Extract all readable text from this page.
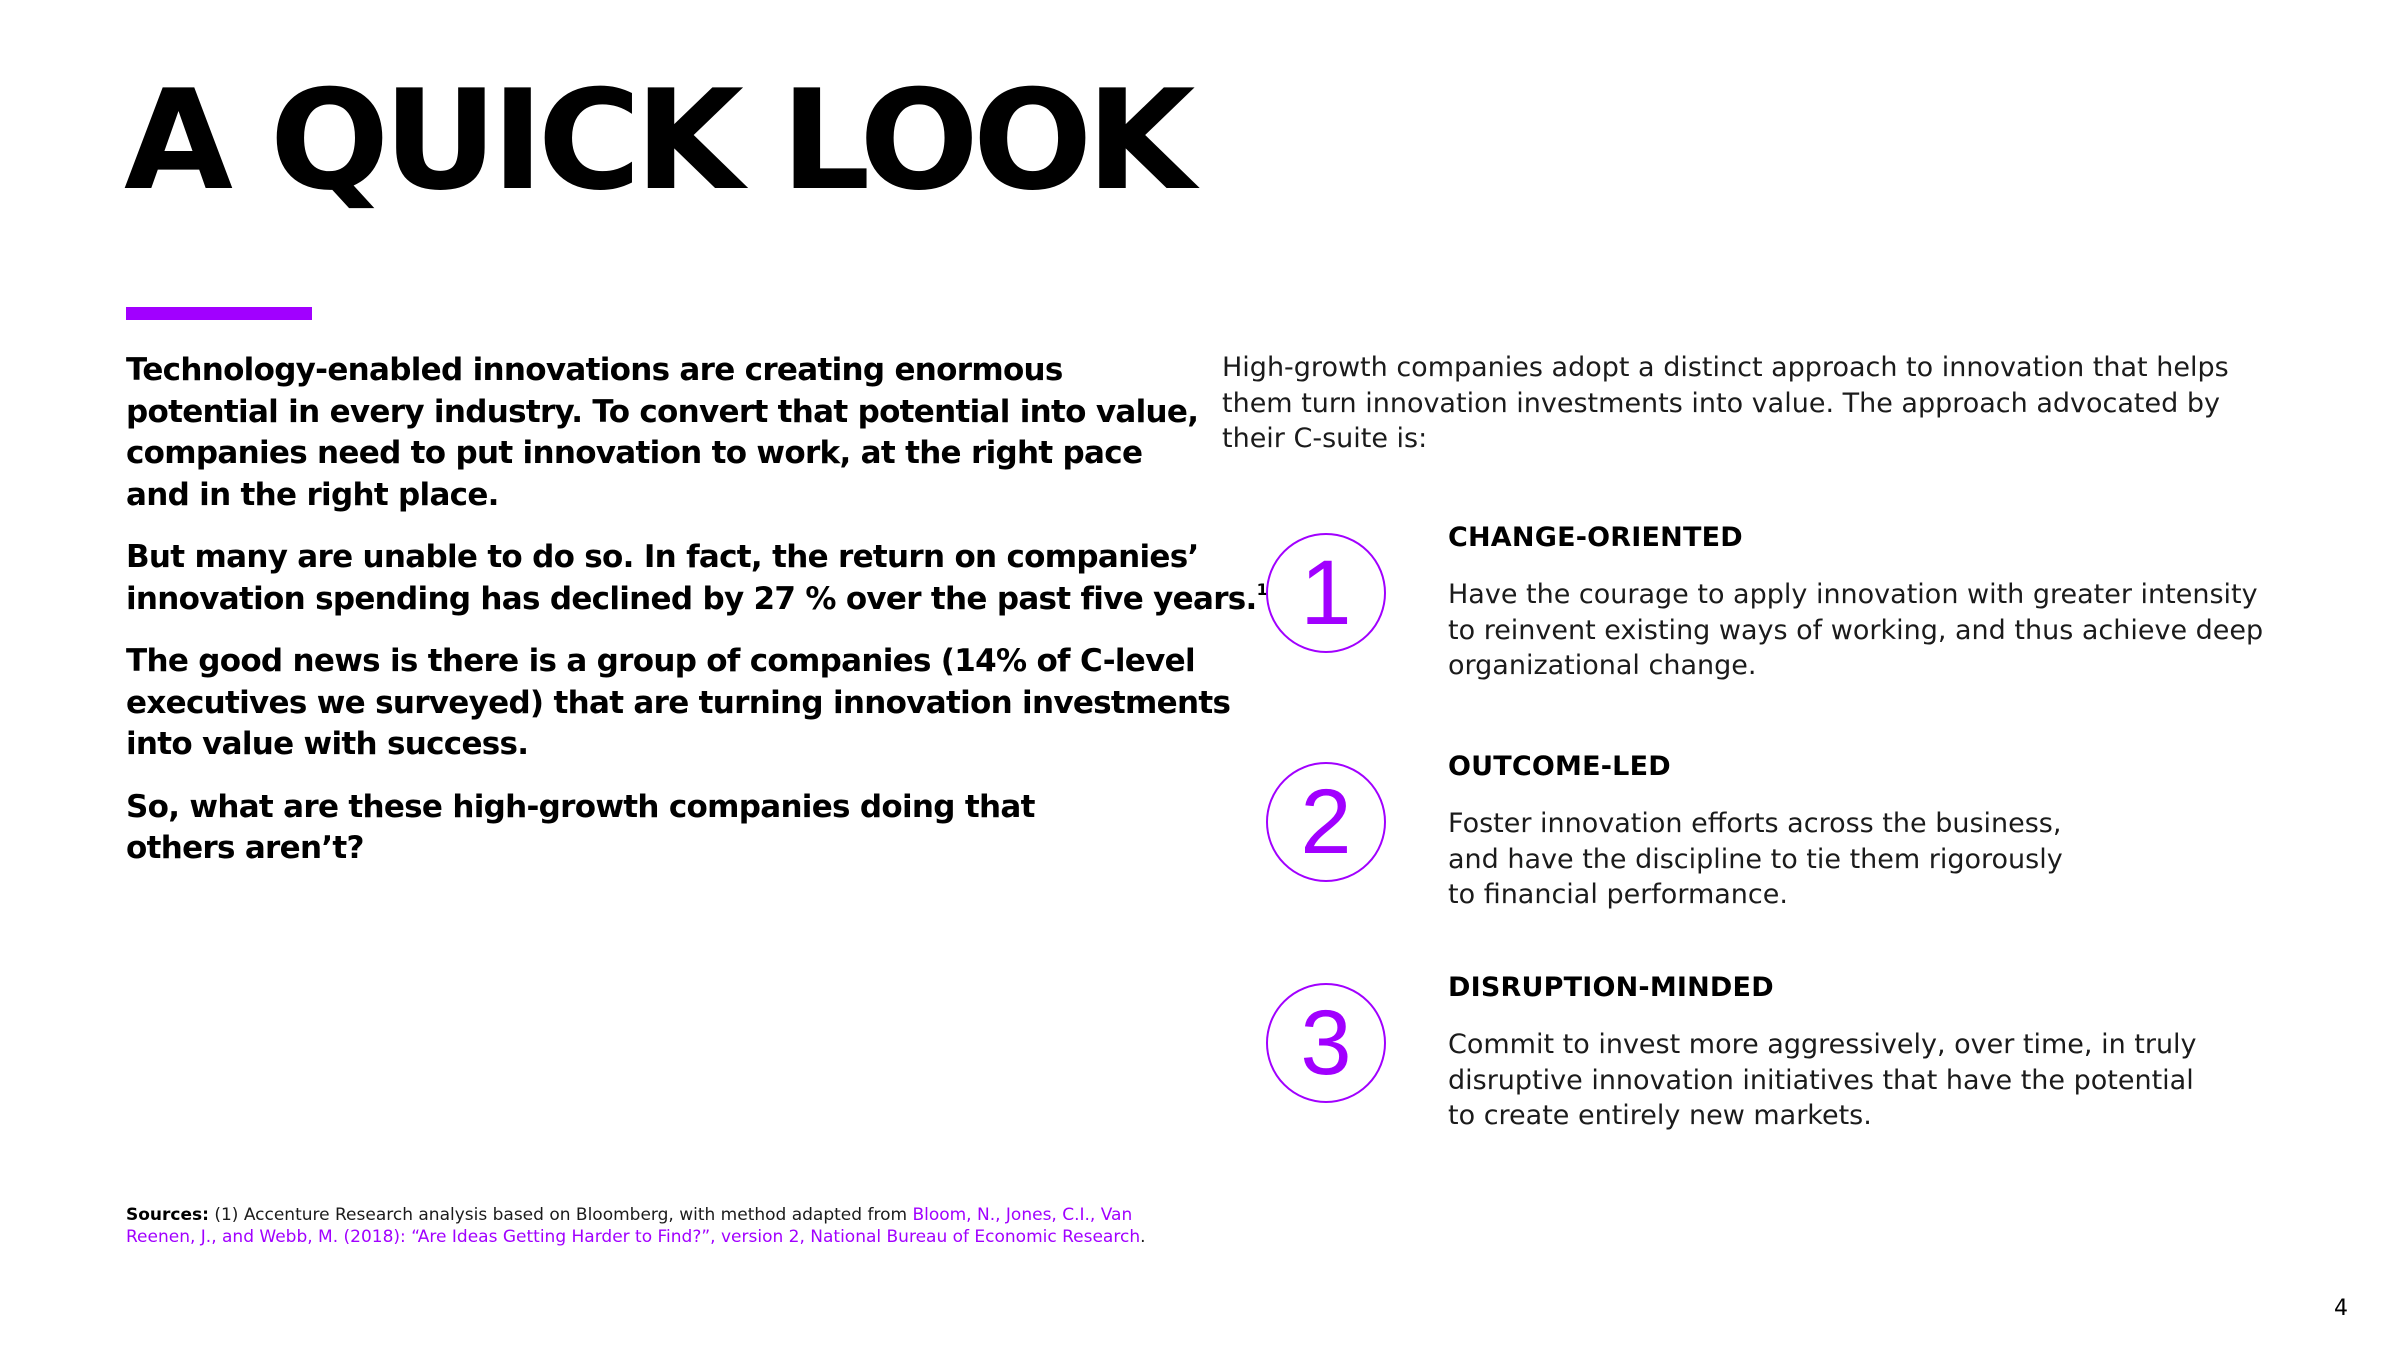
A QUICK LOOK

Technology-enabled innovations are creating enormous
potential in every industry. To convert that potential into value,
companies need to put innovation to work, at the right pace
and in the right place.

But many are unable to do so. In fact, the return on companies’
innovation spending has declined by 27 % over the past five years.$^1$

The good news is there is a group of companies (14% of C-level
executives we surveyed) that are turning innovation investments
into value with success.

So, what are these high-growth companies doing that
others aren’t?

High-growth companies adopt a distinct approach to innovation that helps
them turn innovation investments into value. The approach advocated by
their C-suite is:

1
CHANGE-ORIENTED

Have the courage to apply innovation with greater intensity
to reinvent existing ways of working, and thus achieve deep
organizational change.

2
OUTCOME-LED

Foster innovation efforts across the business,
and have the discipline to tie them rigorously
to financial performance.

3
DISRUPTION-MINDED

Commit to invest more aggressively, over time, in truly
disruptive innovation initiatives that have the potential
to create entirely new markets.

Sources: (1) Accenture Research analysis based on Bloomberg, with method adapted from Bloom, N., Jones, C.I., Van Reenen, J., and Webb, M. (2018): “Are Ideas Getting Harder to Find?”, version 2, National Bureau of Economic Research.

4
